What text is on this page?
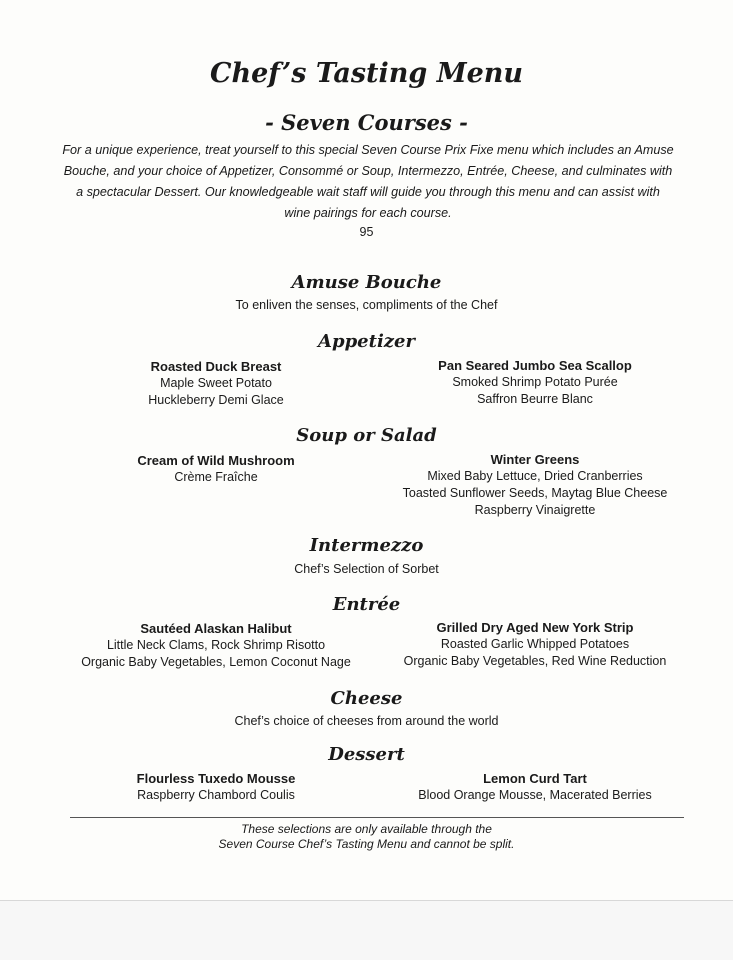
Chef’s Tasting Menu
- Seven Courses -
For a unique experience, treat yourself to this special Seven Course Prix Fixe menu which includes an Amuse Bouche, and your choice of Appetizer, Consommé or Soup, Intermezzo, Entrée, Cheese, and culminates with a spectacular Dessert. Our knowledgeable wait staff will guide you through this menu and can assist with wine pairings for each course.
95
Amuse Bouche
To enliven the senses, compliments of the Chef
Appetizer
Roasted Duck Breast
Maple Sweet Potato
Huckleberry Demi Glace
Pan Seared Jumbo Sea Scallop
Smoked Shrimp Potato Purée
Saffron Beurre Blanc
Soup or Salad
Cream of Wild Mushroom
Crème Fraîche
Winter Greens
Mixed Baby Lettuce, Dried Cranberries
Toasted Sunflower Seeds, Maytag Blue Cheese
Raspberry Vinaigrette
Intermezzo
Chef’s Selection of Sorbet
Entrée
Sautéed Alaskan Halibut
Little Neck Clams, Rock Shrimp Risotto
Organic Baby Vegetables, Lemon Coconut Nage
Grilled Dry Aged New York Strip
Roasted Garlic Whipped Potatoes
Organic Baby Vegetables, Red Wine Reduction
Cheese
Chef’s choice of cheeses from around the world
Dessert
Flourless Tuxedo Mousse
Raspberry Chambord Coulis
Lemon Curd Tart
Blood Orange Mousse, Macerated Berries
These selections are only available through the
Seven Course Chef’s Tasting Menu and cannot be split.
